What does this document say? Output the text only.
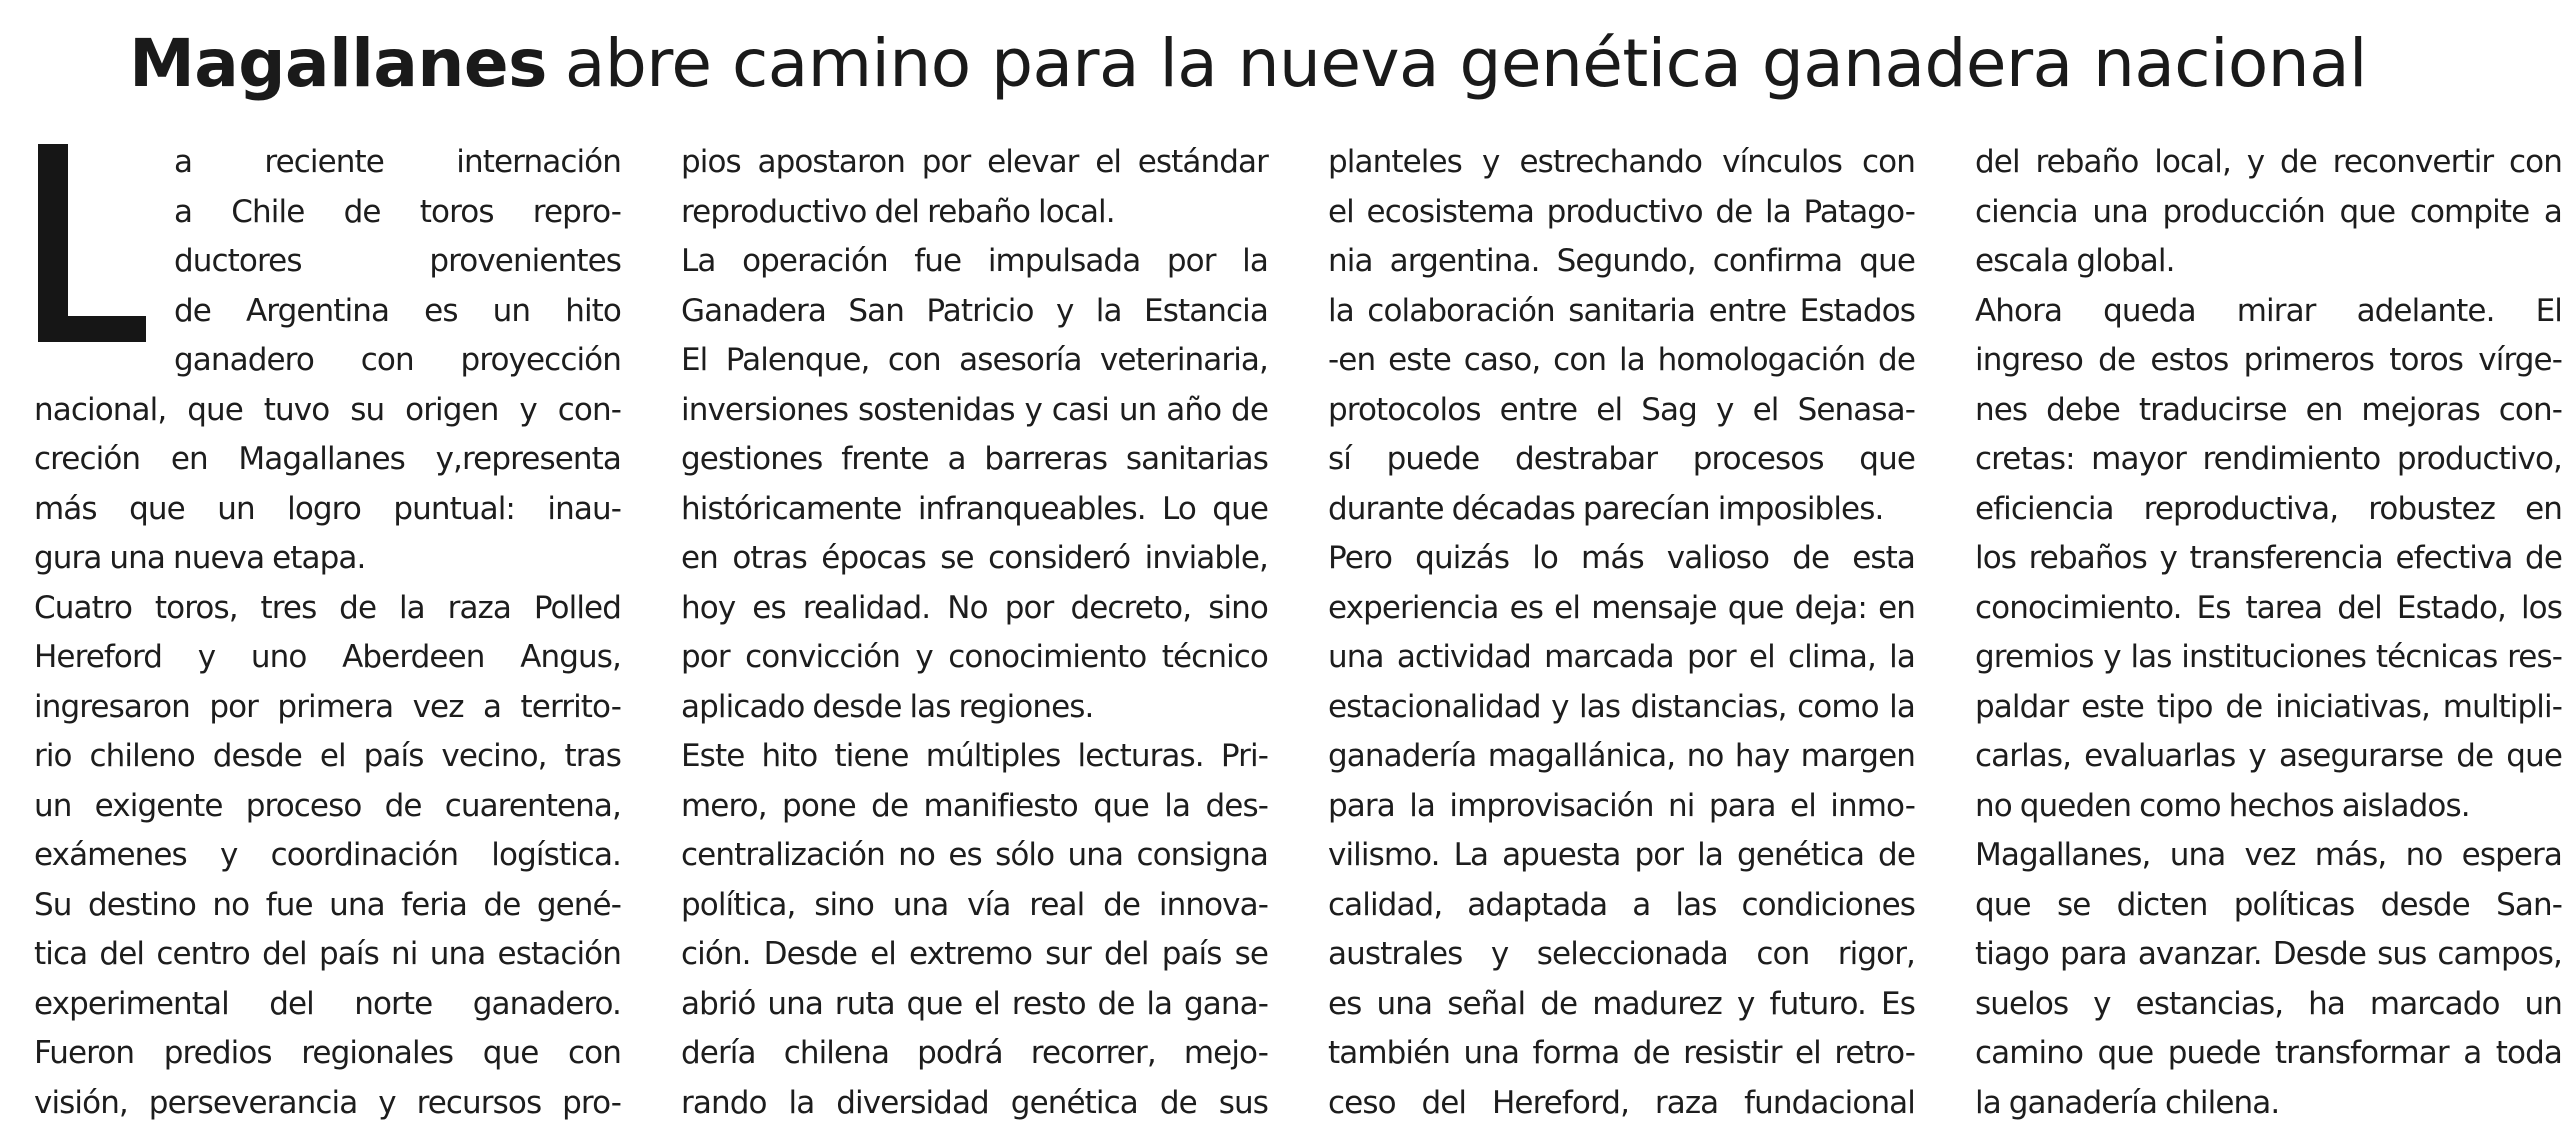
Magallanes abre camino para la nueva genética ganadera nacional
a reciente internación
a Chile de toros repro-
ductores provenientes
de Argentina es un hito
ganadero con proyección
nacional, que tuvo su origen y con-
creción en Magallanes y,representa
más que un logro puntual: inau-
gura una nueva etapa.
Cuatro toros, tres de la raza Polled
Hereford y uno Aberdeen Angus,
ingresaron por primera vez a territo-
rio chileno desde el país vecino, tras
un exigente proceso de cuarentena,
exámenes y coordinación logística.
Su destino no fue una feria de gené-
tica del centro del país ni una estación
experimental del norte ganadero.
Fueron predios regionales que con
visión, perseverancia y recursos pro-
pios apostaron por elevar el estándar
reproductivo del rebaño local.
La operación fue impulsada por la
Ganadera San Patricio y la Estancia
El Palenque, con asesoría veterinaria,
inversiones sostenidas y casi un año de
gestiones frente a barreras sanitarias
históricamente infranqueables. Lo que
en otras épocas se consideró inviable,
hoy es realidad. No por decreto, sino
por convicción y conocimiento técnico
aplicado desde las regiones.
Este hito tiene múltiples lecturas. Pri-
mero, pone de manifiesto que la des-
centralización no es sólo una consigna
política, sino una vía real de innova-
ción. Desde el extremo sur del país se
abrió una ruta que el resto de la gana-
dería chilena podrá recorrer, mejo-
rando la diversidad genética de sus
planteles y estrechando vínculos con
el ecosistema productivo de la Patago-
nia argentina. Segundo, confirma que
la colaboración sanitaria entre Estados
-en este caso, con la homologación de
protocolos entre el Sag y el Senasa-
sí puede destrabar procesos que
durante décadas parecían imposibles.
Pero quizás lo más valioso de esta
experiencia es el mensaje que deja: en
una actividad marcada por el clima, la
estacionalidad y las distancias, como la
ganadería magallánica, no hay margen
para la improvisación ni para el inmo-
vilismo. La apuesta por la genética de
calidad, adaptada a las condiciones
australes y seleccionada con rigor,
es una señal de madurez y futuro. Es
también una forma de resistir el retro-
ceso del Hereford, raza fundacional
del rebaño local, y de reconvertir con
ciencia una producción que compite a
escala global.
Ahora queda mirar adelante. El
ingreso de estos primeros toros vírge-
nes debe traducirse en mejoras con-
cretas: mayor rendimiento productivo,
eficiencia reproductiva, robustez en
los rebaños y transferencia efectiva de
conocimiento. Es tarea del Estado, los
gremios y las instituciones técnicas res-
paldar este tipo de iniciativas, multipli-
carlas, evaluarlas y asegurarse de que
no queden como hechos aislados.
Magallanes, una vez más, no espera
que se dicten políticas desde San-
tiago para avanzar. Desde sus campos,
suelos y estancias, ha marcado un
camino que puede transformar a toda
la ganadería chilena.
